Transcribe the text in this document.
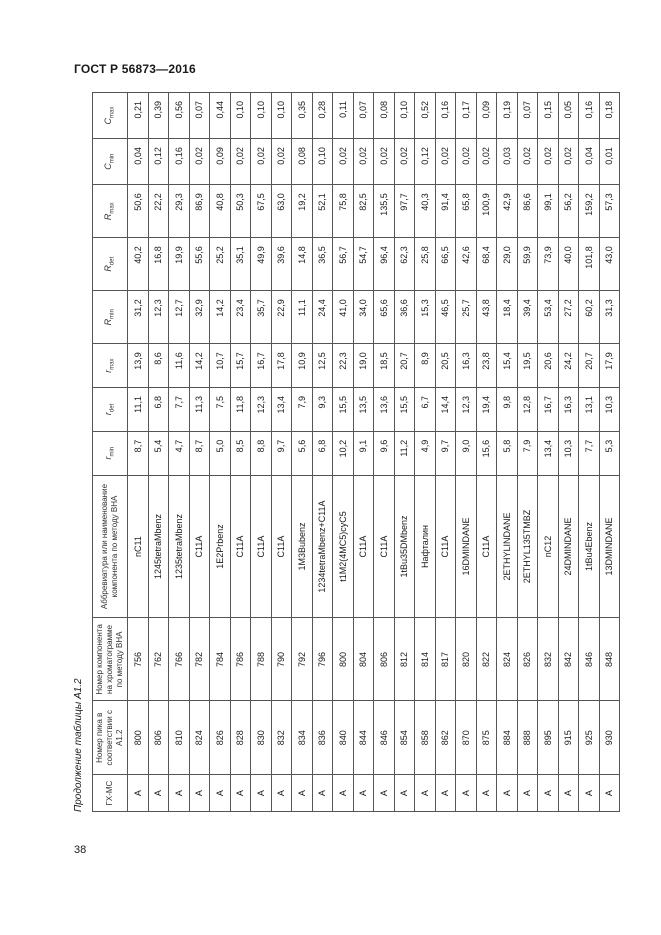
ГОСТ Р 56873—2016
Продолжение таблицы А1.2	ГХ-МС	Номер пика в соответствии с А1.2	Номер компонента на хроматограмме по методу ВНА	Аббревиатура или наименование компонента по методу ВНА	$r_{min}$	$r_{det}$	$r_{max}$	$R_{min}$	$R_{det}$	$R_{max}$	$C_{min}$	$C_{max}$
А	800	756	nC11	8,7	11,1	13,9	31,2	40,2	50,6	0,04	0,21
А	806	762	1245tetraMbenz	5,4	6,8	8,6	12,3	16,8	22,2	0,12	0,39
А	810	766	1235tetraMbenz	4,7	7,7	11,6	12,7	19,9	29,3	0,16	0,56
А	824	782	C11A	8,7	11,3	14,2	32,9	55,6	86,9	0,02	0,07
А	826	784	1E2Prbenz	5,0	7,5	10,7	14,2	25,2	40,8	0,09	0,44
А	828	786	C11A	8,5	11,8	15,7	23,4	35,1	50,3	0,02	0,10
А	830	788	C11A	8,8	12,3	16,7	35,7	49,9	67,5	0,02	0,10
А	832	790	C11A	9,7	13,4	17,8	22,9	39,6	63,0	0,02	0,10
А	834	792	1M3Bubenz	5,6	7,9	10,9	11,1	14,8	19,2	0,08	0,35
А	836	796	1234tetraMbenz+C11A	6,8	9,3	12,5	24,4	36,5	52,1	0,10	0,28
А	840	800	t1M2(4MC5)cyC5	10,2	15,5	22,3	41,0	56,7	75,8	0,02	0,11
А	844	804	C11A	9,1	13,5	19,0	34,0	54,7	82,5	0,02	0,07
А	846	806	C11A	9,6	13,6	18,5	65,6	96,4	135,5	0,02	0,08
А	854	812	1tBu35DMbenz	11,2	15,5	20,7	36,6	62,3	97,7	0,02	0,10
А	858	814	Нафталин	4,9	6,7	8,9	15,3	25,8	40,3	0,12	0,52
А	862	817	C11A	9,7	14,4	20,5	46,5	66,5	91,4	0,02	0,16
А	870	820	16DMINDANE	9,0	12,3	16,3	25,7	42,6	65,8	0,02	0,17
А	875	822	C11A	15,6	19,4	23,8	43,8	68,4	100,9	0,02	0,09
А	884	824	2ETHYLINDANE	5,8	9,8	15,4	18,4	29,0	42,9	0,03	0,19
А	888	826	2ETHYL135TMBZ	7,9	12,8	19,5	39,4	59,9	86,6	0,02	0,07
А	895	832	nC12	13,4	16,7	20,6	53,4	73,9	99,1	0,02	0,15
А	915	842	24DMINDANE	10,3	16,3	24,2	27,2	40,0	56,2	0,02	0,05
А	925	846	1tBu4Ebenz	7,7	13,1	20,7	60,2	101,8	159,2	0,04	0,16
А	930	848	13DMINDANE	5,3	10,3	17,9	31,3	43,0	57,3	0,01	0,18
38
